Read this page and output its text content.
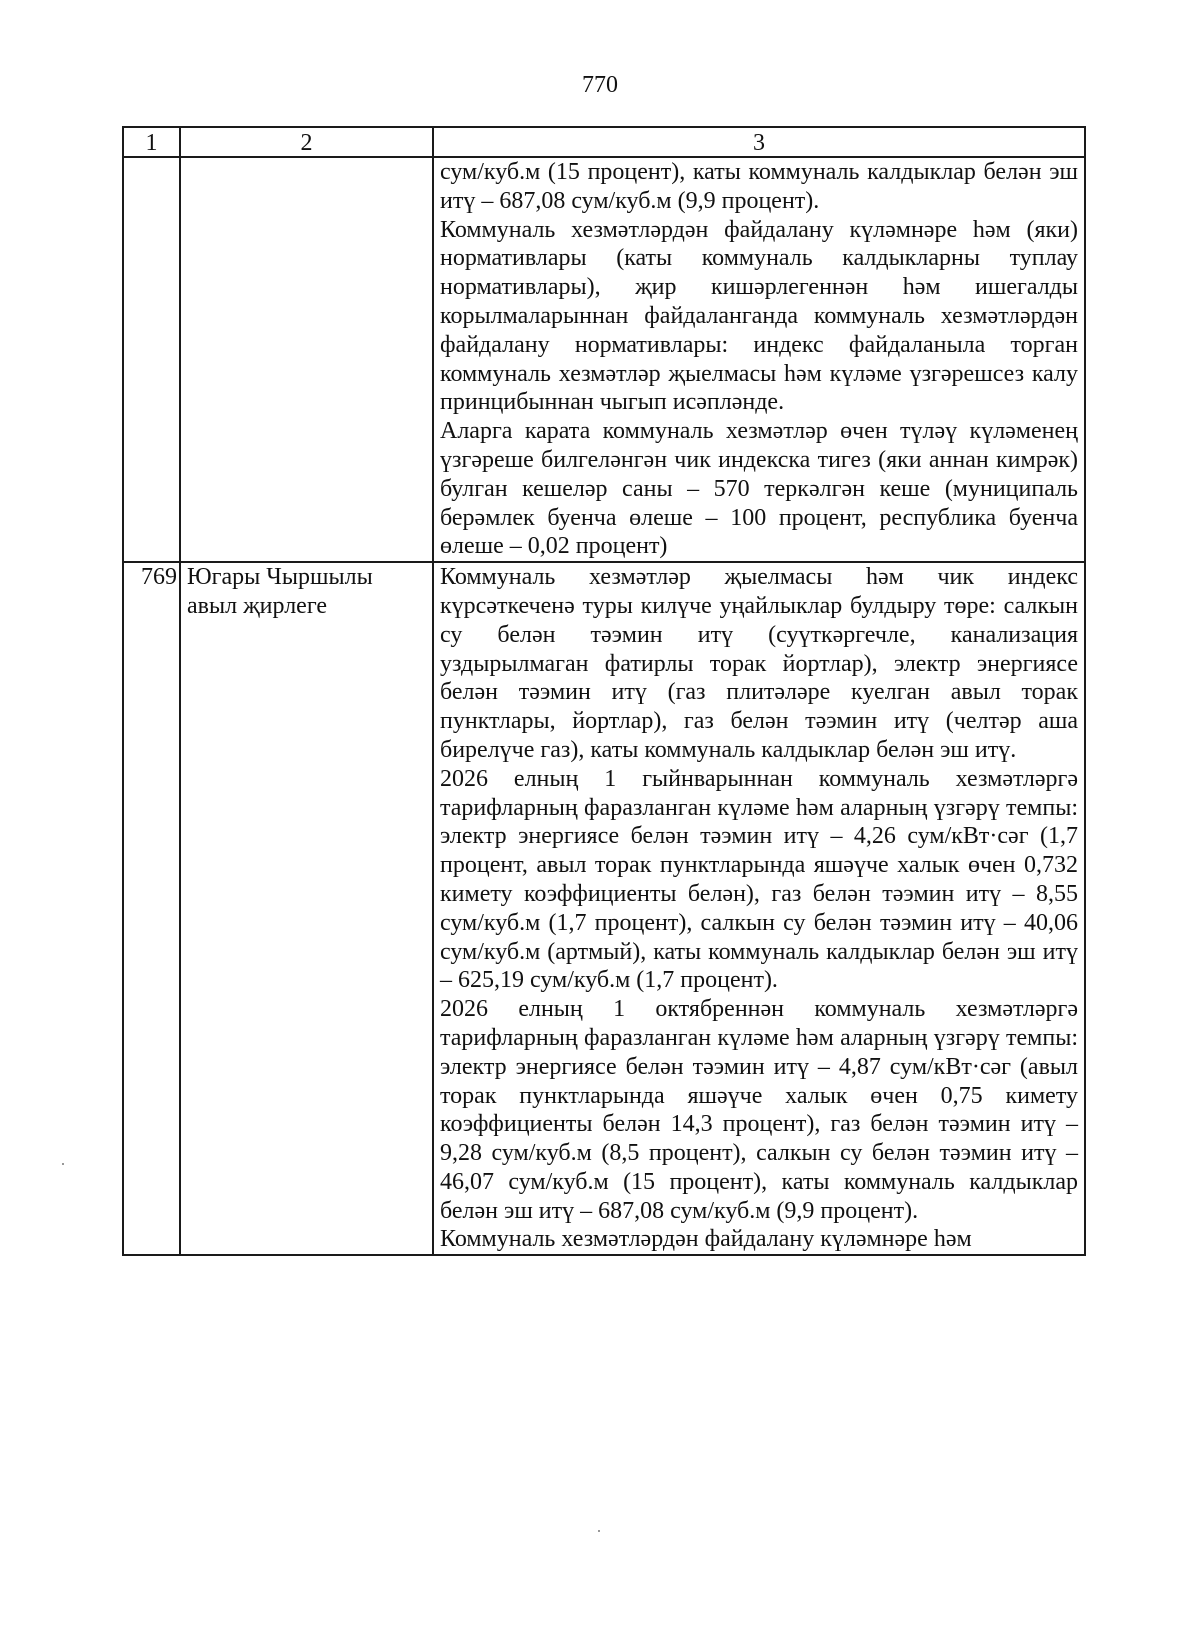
770
1	2	3

		сум/куб.м (15 процент), каты коммуналь калдыклар белән эш итү – 687,08 сум/куб.м (9,9 процент).

Коммуналь хезмәтләрдән файдалану күләмнәре һәм (яки) нормативлары (каты коммуналь калдыкларны туплау нормативлары), җир кишәрлегеннән һәм ишегалды корылмаларыннан файдаланганда коммуналь хезмәтләрдән файдалану нормативлары: индекс файдаланыла торган коммуналь хезмәтләр җыелмасы һәм күләме үзгәрешсез калу принцибыннан чыгып исәпләнде.

Аларга карата коммуналь хезмәтләр өчен түләү күләменең үзгәреше билгеләнгән чик индекска тигез (яки аннан кимрәк) булган кешеләр саны – 570 теркәлгән кеше (муниципаль берәмлек буенча өлеше – 100 процент, республика буенча өлеше – 0,02 процент)

769	Югары Чыршылы авыл җирлеге	Коммуналь хезмәтләр җыелмасы һәм чик индекс күрсәткеченә туры килүче уңайлыклар булдыру төре: салкын су белән тәэмин итү (суүткәргечле, канализация уздырылмаган фатирлы торак йортлар), электр энергиясе белән тәэмин итү (газ плитәләре куелган авыл торак пунктлары, йортлар), газ белән тәэмин итү (челтәр аша бирелүче газ), каты коммуналь калдыклар белән эш итү.

2026 елның 1 гыйнварыннан коммуналь хезмәтләргә тарифларның фаразланган күләме һәм аларның үзгәрү темпы: электр энергиясе белән тәэмин итү – 4,26 сум/кВт·сәг (1,7 процент, авыл торак пунктларында яшәүче халык өчен 0,732 кимету коэффициенты белән), газ белән тәэмин итү – 8,55 сум/куб.м (1,7 процент), салкын су белән тәэмин итү – 40,06 сум/куб.м (артмый), каты коммуналь калдыклар белән эш итү – 625,19 сум/куб.м (1,7 процент).

2026 елның 1 октябреннән коммуналь хезмәтләргә тарифларның фаразланган күләме һәм аларның үзгәрү темпы: электр энергиясе белән тәэмин итү – 4,87 сум/кВт·сәг (авыл торак пунктларында яшәүче халык өчен 0,75 кимету коэффициенты белән 14,3 процент), газ белән тәэмин итү – 9,28 сум/куб.м (8,5 процент), салкын су белән тәэмин итү – 46,07 сум/куб.м (15 процент), каты коммуналь калдыклар белән эш итү – 687,08 сум/куб.м (9,9 процент).

Коммуналь хезмәтләрдән файдалану күләмнәре һәм
